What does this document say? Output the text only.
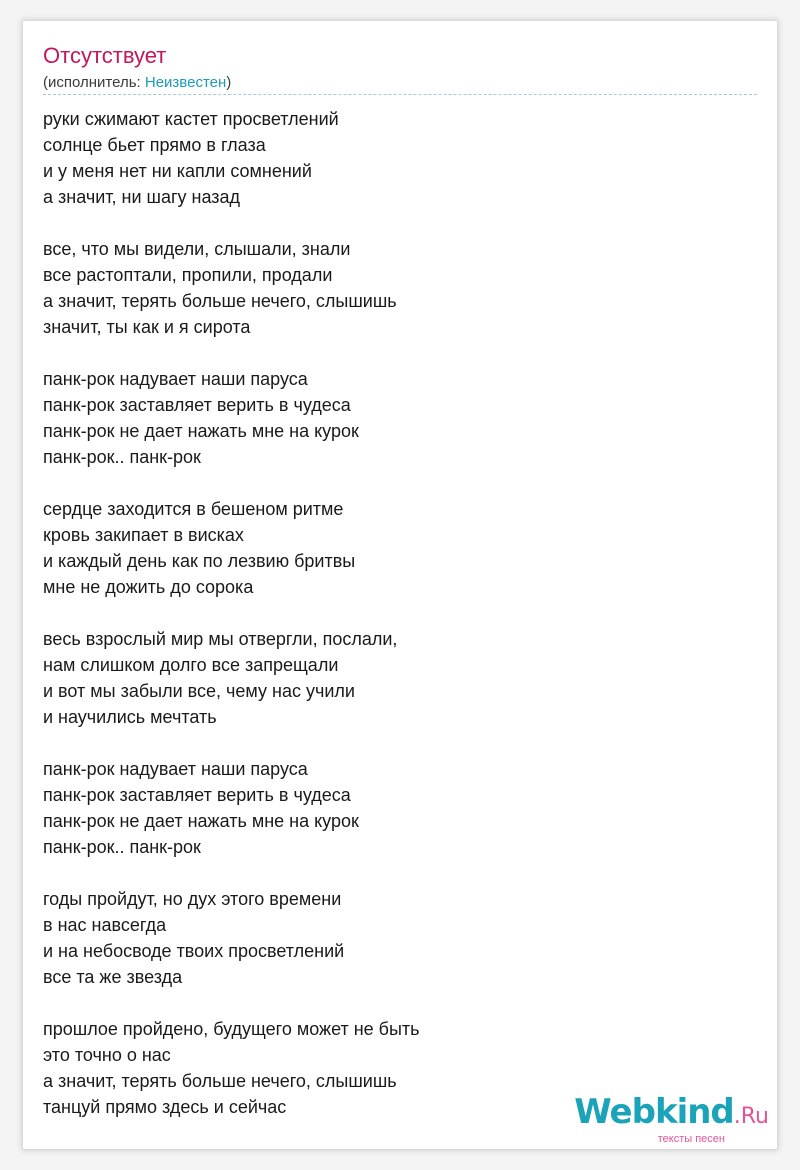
Отсутствует
(исполнитель: Неизвестен)
руки сжимают кастет просветлений
солнце бьет прямо в глаза
и у меня нет ни капли сомнений
а значит, ни шагу назад
все, что мы видели, слышали, знали
все растоптали, пропили, продали
а значит, терять больше нечего, слышишь
значит, ты как и я сирота
панк-рок надувает наши паруса
панк-рок заставляет верить в чудеса
панк-рок не дает нажать мне на курок
панк-рок.. панк-рок
сердце заходится в бешеном ритме
кровь закипает в висках
и каждый день как по лезвию бритвы
мне не дожить до сорока
весь взрослый мир мы отвергли, послали,
нам слишком долго все запрещали
и вот мы забыли все, чему нас учили
и научились мечтать
панк-рок надувает наши паруса
панк-рок заставляет верить в чудеса
панк-рок не дает нажать мне на курок
панк-рок.. панк-рок
годы пройдут, но дух этого времени
в нас навсегда
и на небосводе твоих просветлений
все та же звезда
прошлое пройдено, будущего может не быть
это точно о нас
а значит, терять больше нечего, слышишь
танцуй прямо здесь и сейчас	Webkind.Ru
тексты песен
